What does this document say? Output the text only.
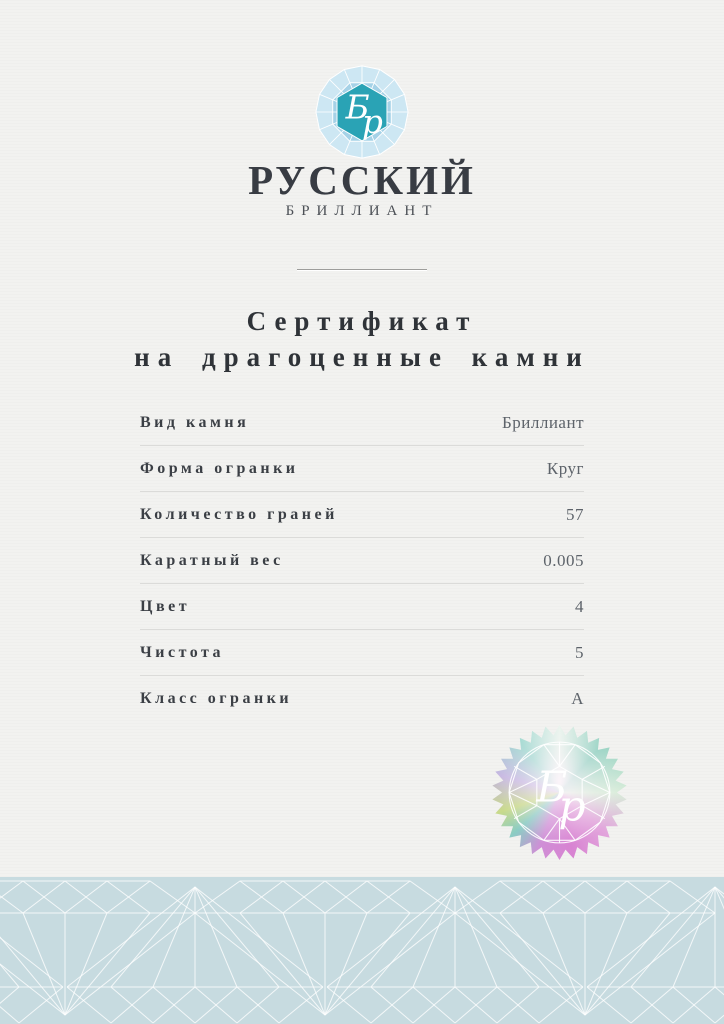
Б
р
РУССКИЙ
БРИЛЛИАНТ
Сертификат
на драгоценные камни
Вид камня	Бриллиант
Форма огранки	Круг
Количество граней	57
Каратный вес	0.005
Цвет	4
Чистота	5
Класс огранки	А
Б
р
